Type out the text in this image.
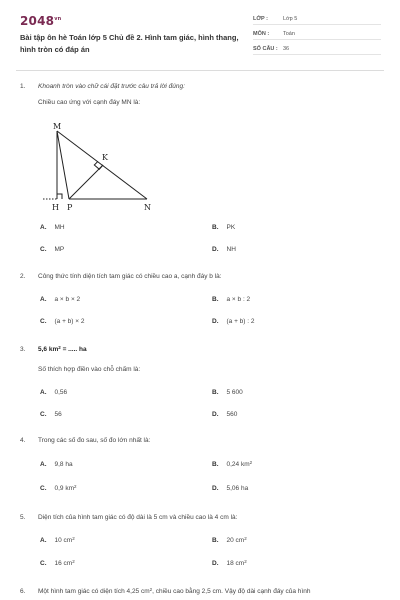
$2048^{vn}$
Bài tập ôn hè Toán lớp 5 Chủ đề 2. Hình tam giác, hình thang, hình tròn có đáp án
LỚP :	Lớp 5
MÔN :	Toán
SỐ CÂU : 36
1. Khoanh tròn vào chữ cái đặt trước câu trả lời đúng:
Chiều cao ứng với cạnh đáy MN là:
M
K
H P	N
A. MH	B. PK
C. MP	D. NH
2. Công thức tính diện tích tam giác có chiều cao a, cạnh đáy b là:
A. a × b × 2	B. a × b : 2
C. (a + b) × 2	D. (a + b) : 2
3. 5,6 $km^2$ = ..... ha
Số thích hợp điền vào chỗ chấm là:
A. 0,56	B. 5 600
C. 56	D. 560
4. Trong các số đo sau, số đo lớn nhất là:
A. 9,8 ha	B. 0,24 $km^2$
C. 0,9 $km^2$	D. 5,06 ha
5. Diện tích của hình tam giác có độ dài là 5 cm và chiều cao là 4 cm là:
A. 10 $cm^2$	B. 20 $cm^2$
C. 16 $cm^2$	D. 18 $cm^2$
6. Một hình tam giác có diện tích 4,25 $cm^2$, chiều cao bằng 2,5 cm. Vậy độ dài cạnh đáy của hình
